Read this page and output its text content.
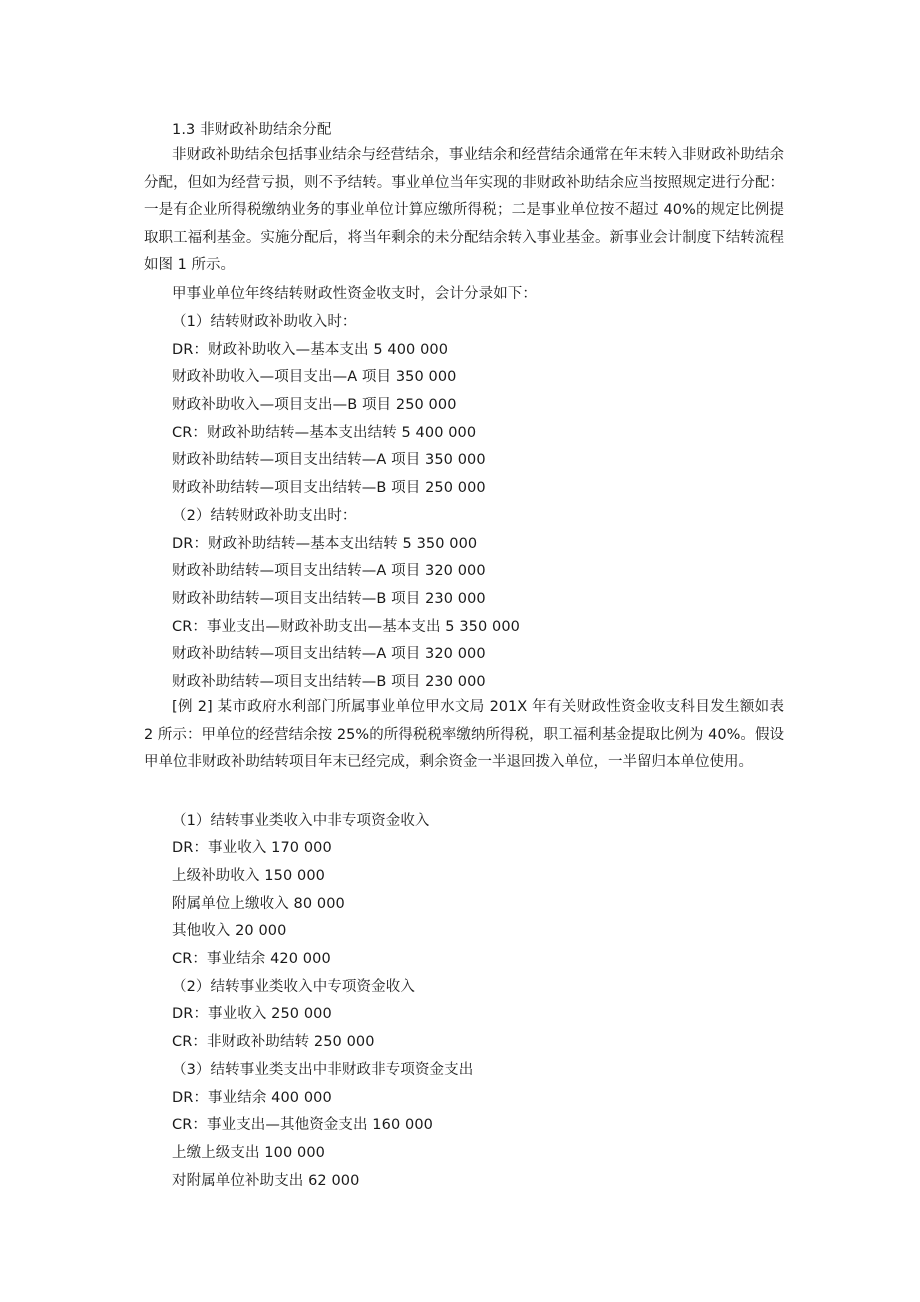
1.3 非财政补助结余分配
非财政补助结余包括事业结余与经营结余，事业结余和经营结余通常在年末转入非财政补助结余分配，但如为经营亏损，则不予结转。事业单位当年实现的非财政补助结余应当按照规定进行分配：一是有企业所得税缴纳业务的事业单位计算应缴所得税；二是事业单位按不超过 40%的规定比例提取职工福利基金。实施分配后，将当年剩余的未分配结余转入事业基金。新事业会计制度下结转流程如图 1 所示。
甲事业单位年终结转财政性资金收支时，会计分录如下：
（1）结转财政补助收入时：
DR：财政补助收入—基本支出 5 400 000
财政补助收入—项目支出—A 项目 350 000
财政补助收入—项目支出—B 项目 250 000
CR：财政补助结转—基本支出结转 5 400 000
财政补助结转—项目支出结转—A 项目 350 000
财政补助结转—项目支出结转—B 项目 250 000
（2）结转财政补助支出时：
DR：财政补助结转—基本支出结转 5 350 000
财政补助结转—项目支出结转—A 项目 320 000
财政补助结转—项目支出结转—B 项目 230 000
CR：事业支出—财政补助支出—基本支出 5 350 000
财政补助结转—项目支出结转—A 项目 320 000
财政补助结转—项目支出结转—B 项目 230 000
[例 2] 某市政府水利部门所属事业单位甲水文局 201X 年有关财政性资金收支科目发生额如表 2 所示：甲单位的经营结余按 25%的所得税税率缴纳所得税，职工福利基金提取比例为 40%。假设甲单位非财政补助结转项目年末已经完成，剩余资金一半退回拨入单位，一半留归本单位使用。
（1）结转事业类收入中非专项资金收入
DR：事业收入 170 000
上级补助收入 150 000
附属单位上缴收入 80 000
其他收入 20 000
CR：事业结余 420 000
（2）结转事业类收入中专项资金收入
DR：事业收入 250 000
CR：非财政补助结转 250 000
（3）结转事业类支出中非财政非专项资金支出
DR：事业结余 400 000
CR：事业支出—其他资金支出 160 000
上缴上级支出 100 000
对附属单位补助支出 62 000
